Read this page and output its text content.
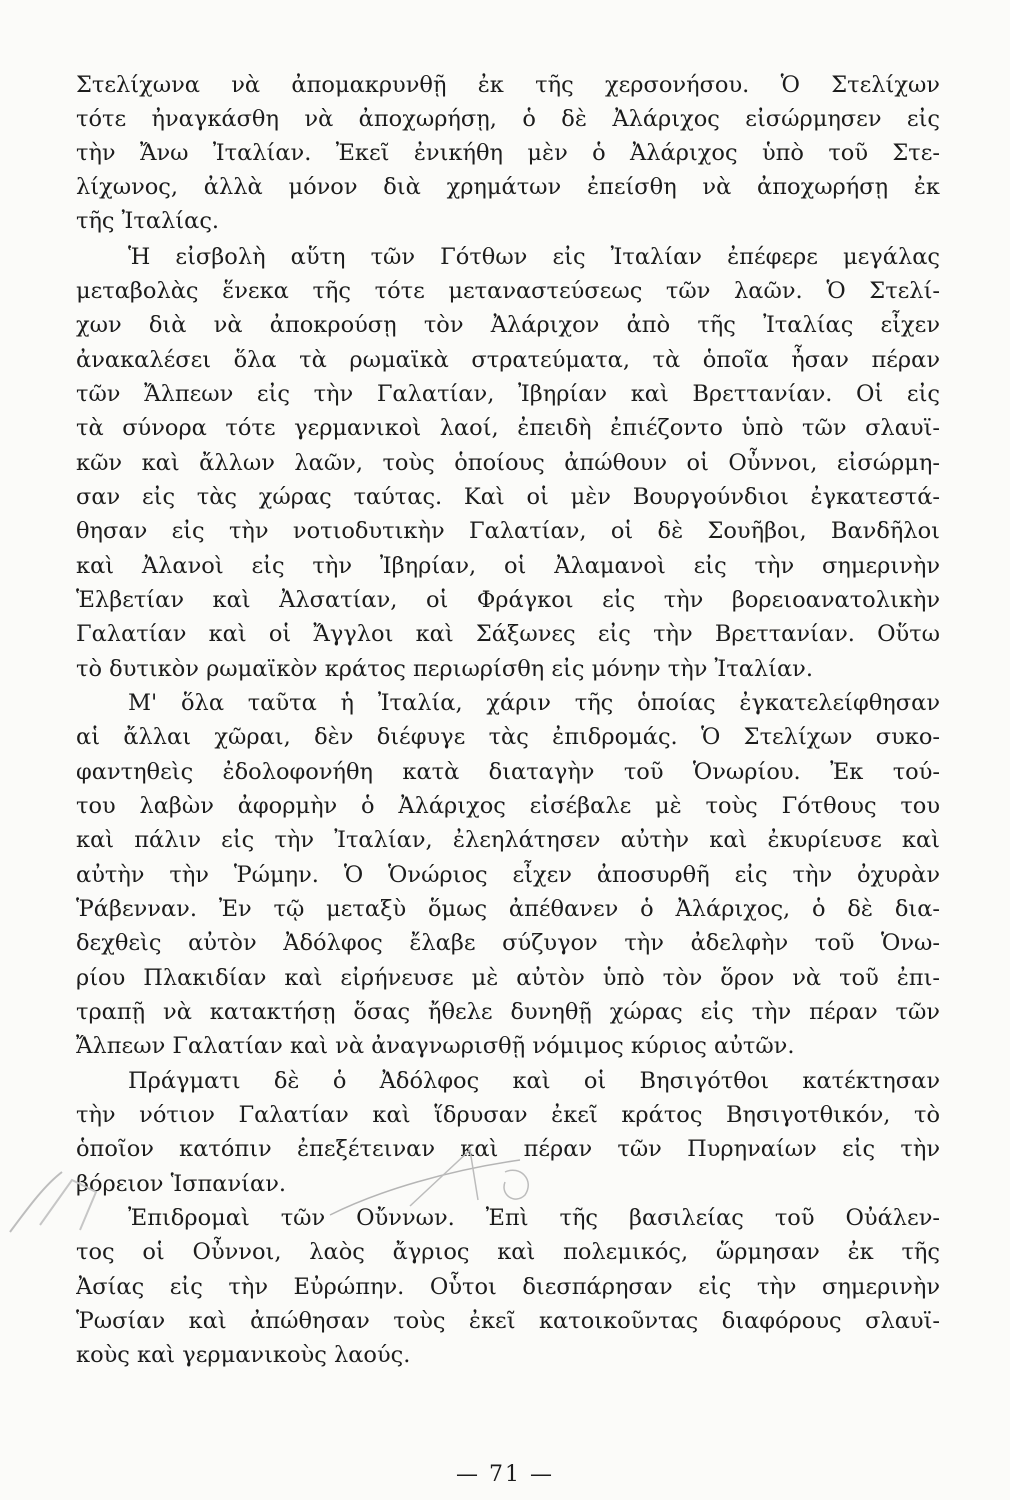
Στελίχωνα νὰ ἀπομακρυνθῇ ἐκ τῆς χερσονήσου. Ὁ Στελίχων
τότε ἠναγκάσθη νὰ ἀποχωρήσῃ, ὁ δὲ Ἀλάριχος εἰσώρμησεν εἰς
τὴν Ἄνω Ἰταλίαν. Ἐκεῖ ἐνικήθη μὲν ὁ Ἀλάριχος ὑπὸ τοῦ Στε-
λίχωνος, ἀλλὰ μόνον διὰ χρημάτων ἐπείσθη νὰ ἀποχωρήσῃ ἐκ
τῆς Ἰταλίας.
Ἡ εἰσβολὴ αὕτη τῶν Γότθων εἰς Ἰταλίαν ἐπέφερε μεγάλας
μεταβολὰς ἕνεκα τῆς τότε μεταναστεύσεως τῶν λαῶν. Ὁ Στελί-
χων διὰ νὰ ἀποκρούσῃ τὸν Ἀλάριχον ἀπὸ τῆς Ἰταλίας εἶχεν
ἀνακαλέσει ὅλα τὰ ρωμαϊκὰ στρατεύματα, τὰ ὁποῖα ἦσαν πέραν
τῶν Ἄλπεων εἰς τὴν Γαλατίαν, Ἰβηρίαν καὶ Βρεττανίαν. Οἱ εἰς
τὰ σύνορα τότε γερμανικοὶ λαοί, ἐπειδὴ ἐπιέζοντο ὑπὸ τῶν σλαυϊ-
κῶν καὶ ἄλλων λαῶν, τοὺς ὁποίους ἀπώθουν οἱ Οὖννοι, εἰσώρμη-
σαν εἰς τὰς χώρας ταύτας. Καὶ οἱ μὲν Βουργούνδιοι ἐγκατεστά-
θησαν εἰς τὴν νοτιοδυτικὴν Γαλατίαν, οἱ δὲ Σουῆβοι, Βανδῆλοι
καὶ Ἀλανοὶ εἰς τὴν Ἰβηρίαν, οἱ Ἀλαμανοὶ εἰς τὴν σημερινὴν
Ἑλβετίαν καὶ Ἀλσατίαν, οἱ Φράγκοι εἰς τὴν βορειοανατολικὴν
Γαλατίαν καὶ οἱ Ἄγγλοι καὶ Σάξωνες εἰς τὴν Βρεττανίαν. Οὕτω
τὸ δυτικὸν ρωμαϊκὸν κράτος περιωρίσθη εἰς μόνην τὴν Ἰταλίαν.
Μ' ὅλα ταῦτα ἡ Ἰταλία, χάριν τῆς ὁποίας ἐγκατελείφθησαν
αἱ ἄλλαι χῶραι, δὲν διέφυγε τὰς ἐπιδρομάς. Ὁ Στελίχων συκο-
φαντηθεὶς ἐδολοφονήθη κατὰ διαταγὴν τοῦ Ὁνωρίου. Ἐκ τού-
του λαβὼν ἀφορμὴν ὁ Ἀλάριχος εἰσέβαλε μὲ τοὺς Γότθους του
καὶ πάλιν εἰς τὴν Ἰταλίαν, ἐλεηλάτησεν αὐτὴν καὶ ἐκυρίευσε καὶ
αὐτὴν τὴν Ῥώμην. Ὁ Ὁνώριος εἶχεν ἀποσυρθῆ εἰς τὴν ὀχυρὰν
Ῥάβενναν. Ἐν τῷ μεταξὺ ὅμως ἀπέθανεν ὁ Ἀλάριχος, ὁ δὲ δια-
δεχθεὶς αὐτὸν Ἀδόλφος ἔλαβε σύζυγον τὴν ἀδελφὴν τοῦ Ὁνω-
ρίου Πλακιδίαν καὶ εἰρήνευσε μὲ αὐτὸν ὑπὸ τὸν ὅρον νὰ τοῦ ἐπι-
τραπῇ νὰ κατακτήσῃ ὅσας ἤθελε δυνηθῇ χώρας εἰς τὴν πέραν τῶν
Ἄλπεων Γαλατίαν καὶ νὰ ἀναγνωρισθῇ νόμιμος κύριος αὐτῶν.
Πράγματι δὲ ὁ Ἀδόλφος καὶ οἱ Βησιγότθοι κατέκτησαν
τὴν νότιον Γαλατίαν καὶ ἵδρυσαν ἐκεῖ κράτος Βησιγοτθικόν, τὸ
ὁποῖον κατόπιν ἐπεξέτειναν καὶ πέραν τῶν Πυρηναίων εἰς τὴν
βόρειον Ἱσπανίαν.
Ἐπιδρομαὶ τῶν Οὔννων. Ἐπὶ τῆς βασιλείας τοῦ Οὐάλεν-
τος οἱ Οὖννοι, λαὸς ἄγριος καὶ πολεμικός, ὥρμησαν ἐκ τῆς
Ἀσίας εἰς τὴν Εὐρώπην. Οὗτοι διεσπάρησαν εἰς τὴν σημερινὴν
Ῥωσίαν καὶ ἀπώθησαν τοὺς ἐκεῖ κατοικοῦντας διαφόρους σλαυϊ-
κοὺς καὶ γερμανικοὺς λαούς.
— 71 —
